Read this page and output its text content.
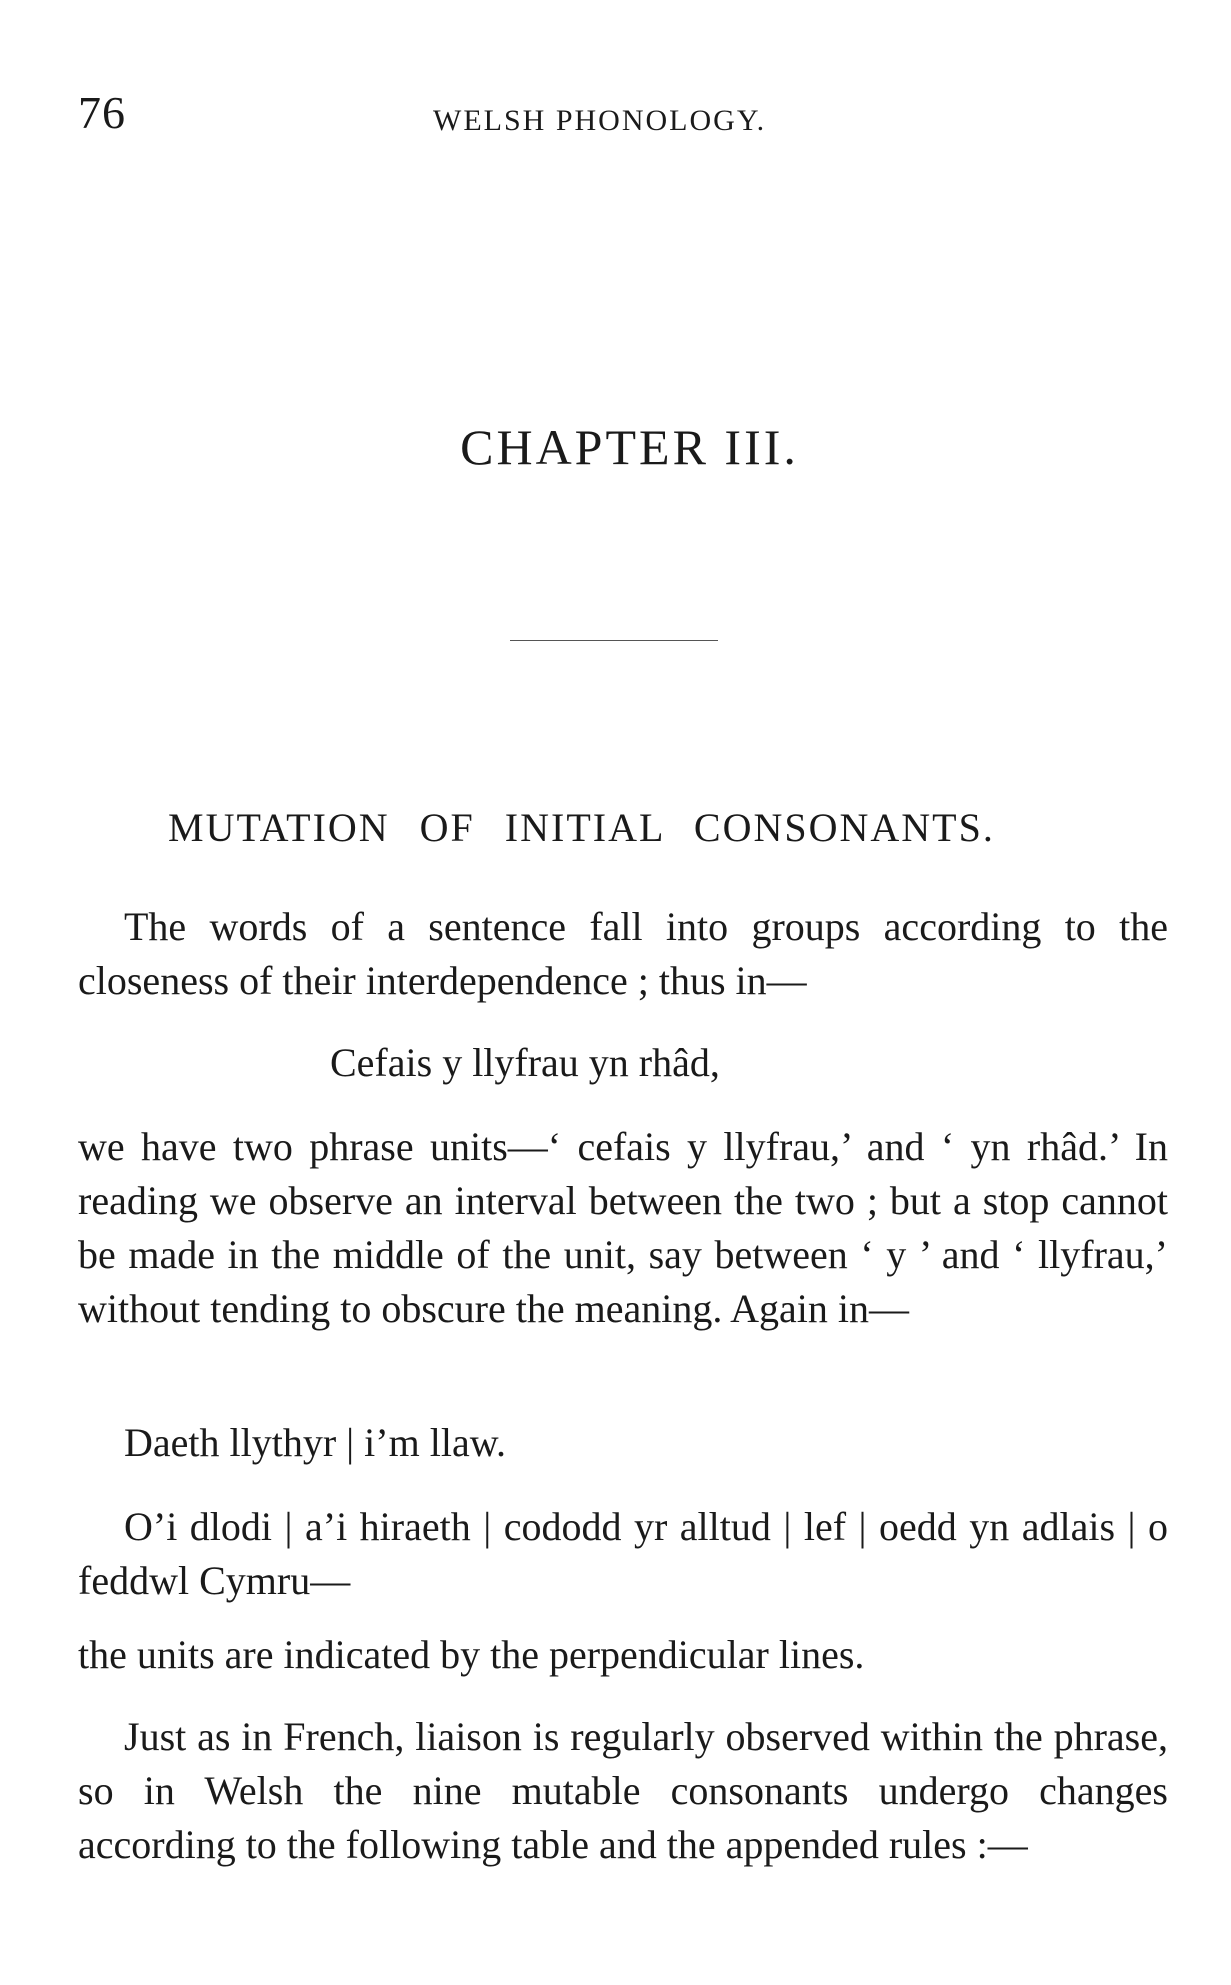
76	WELSH PHONOLOGY.
CHAPTER III.
MUTATION OF INITIAL CONSONANTS.

The words of a sentence fall into groups according to the closeness of their interdependence ; thus in—

Cefais y llyfrau yn rhâd,

we have two phrase units—‘ cefais y llyfrau,’ and ‘ yn rhâd.’ In reading we observe an interval between the two ; but a stop cannot be made in the middle of the unit, say between ‘ y ’ and ‘ llyfrau,’ without tending to obscure the meaning. Again in—

Daeth llythyr | i’m llaw.

O’i dlodi | a’i hiraeth | cododd yr alltud | lef | oedd yn adlais | o feddwl Cymru—

the units are indicated by the perpendicular lines.

Just as in French, liaison is regularly observed within the phrase, so in Welsh the nine mutable consonants undergo changes according to the following table and the appended rules :—
